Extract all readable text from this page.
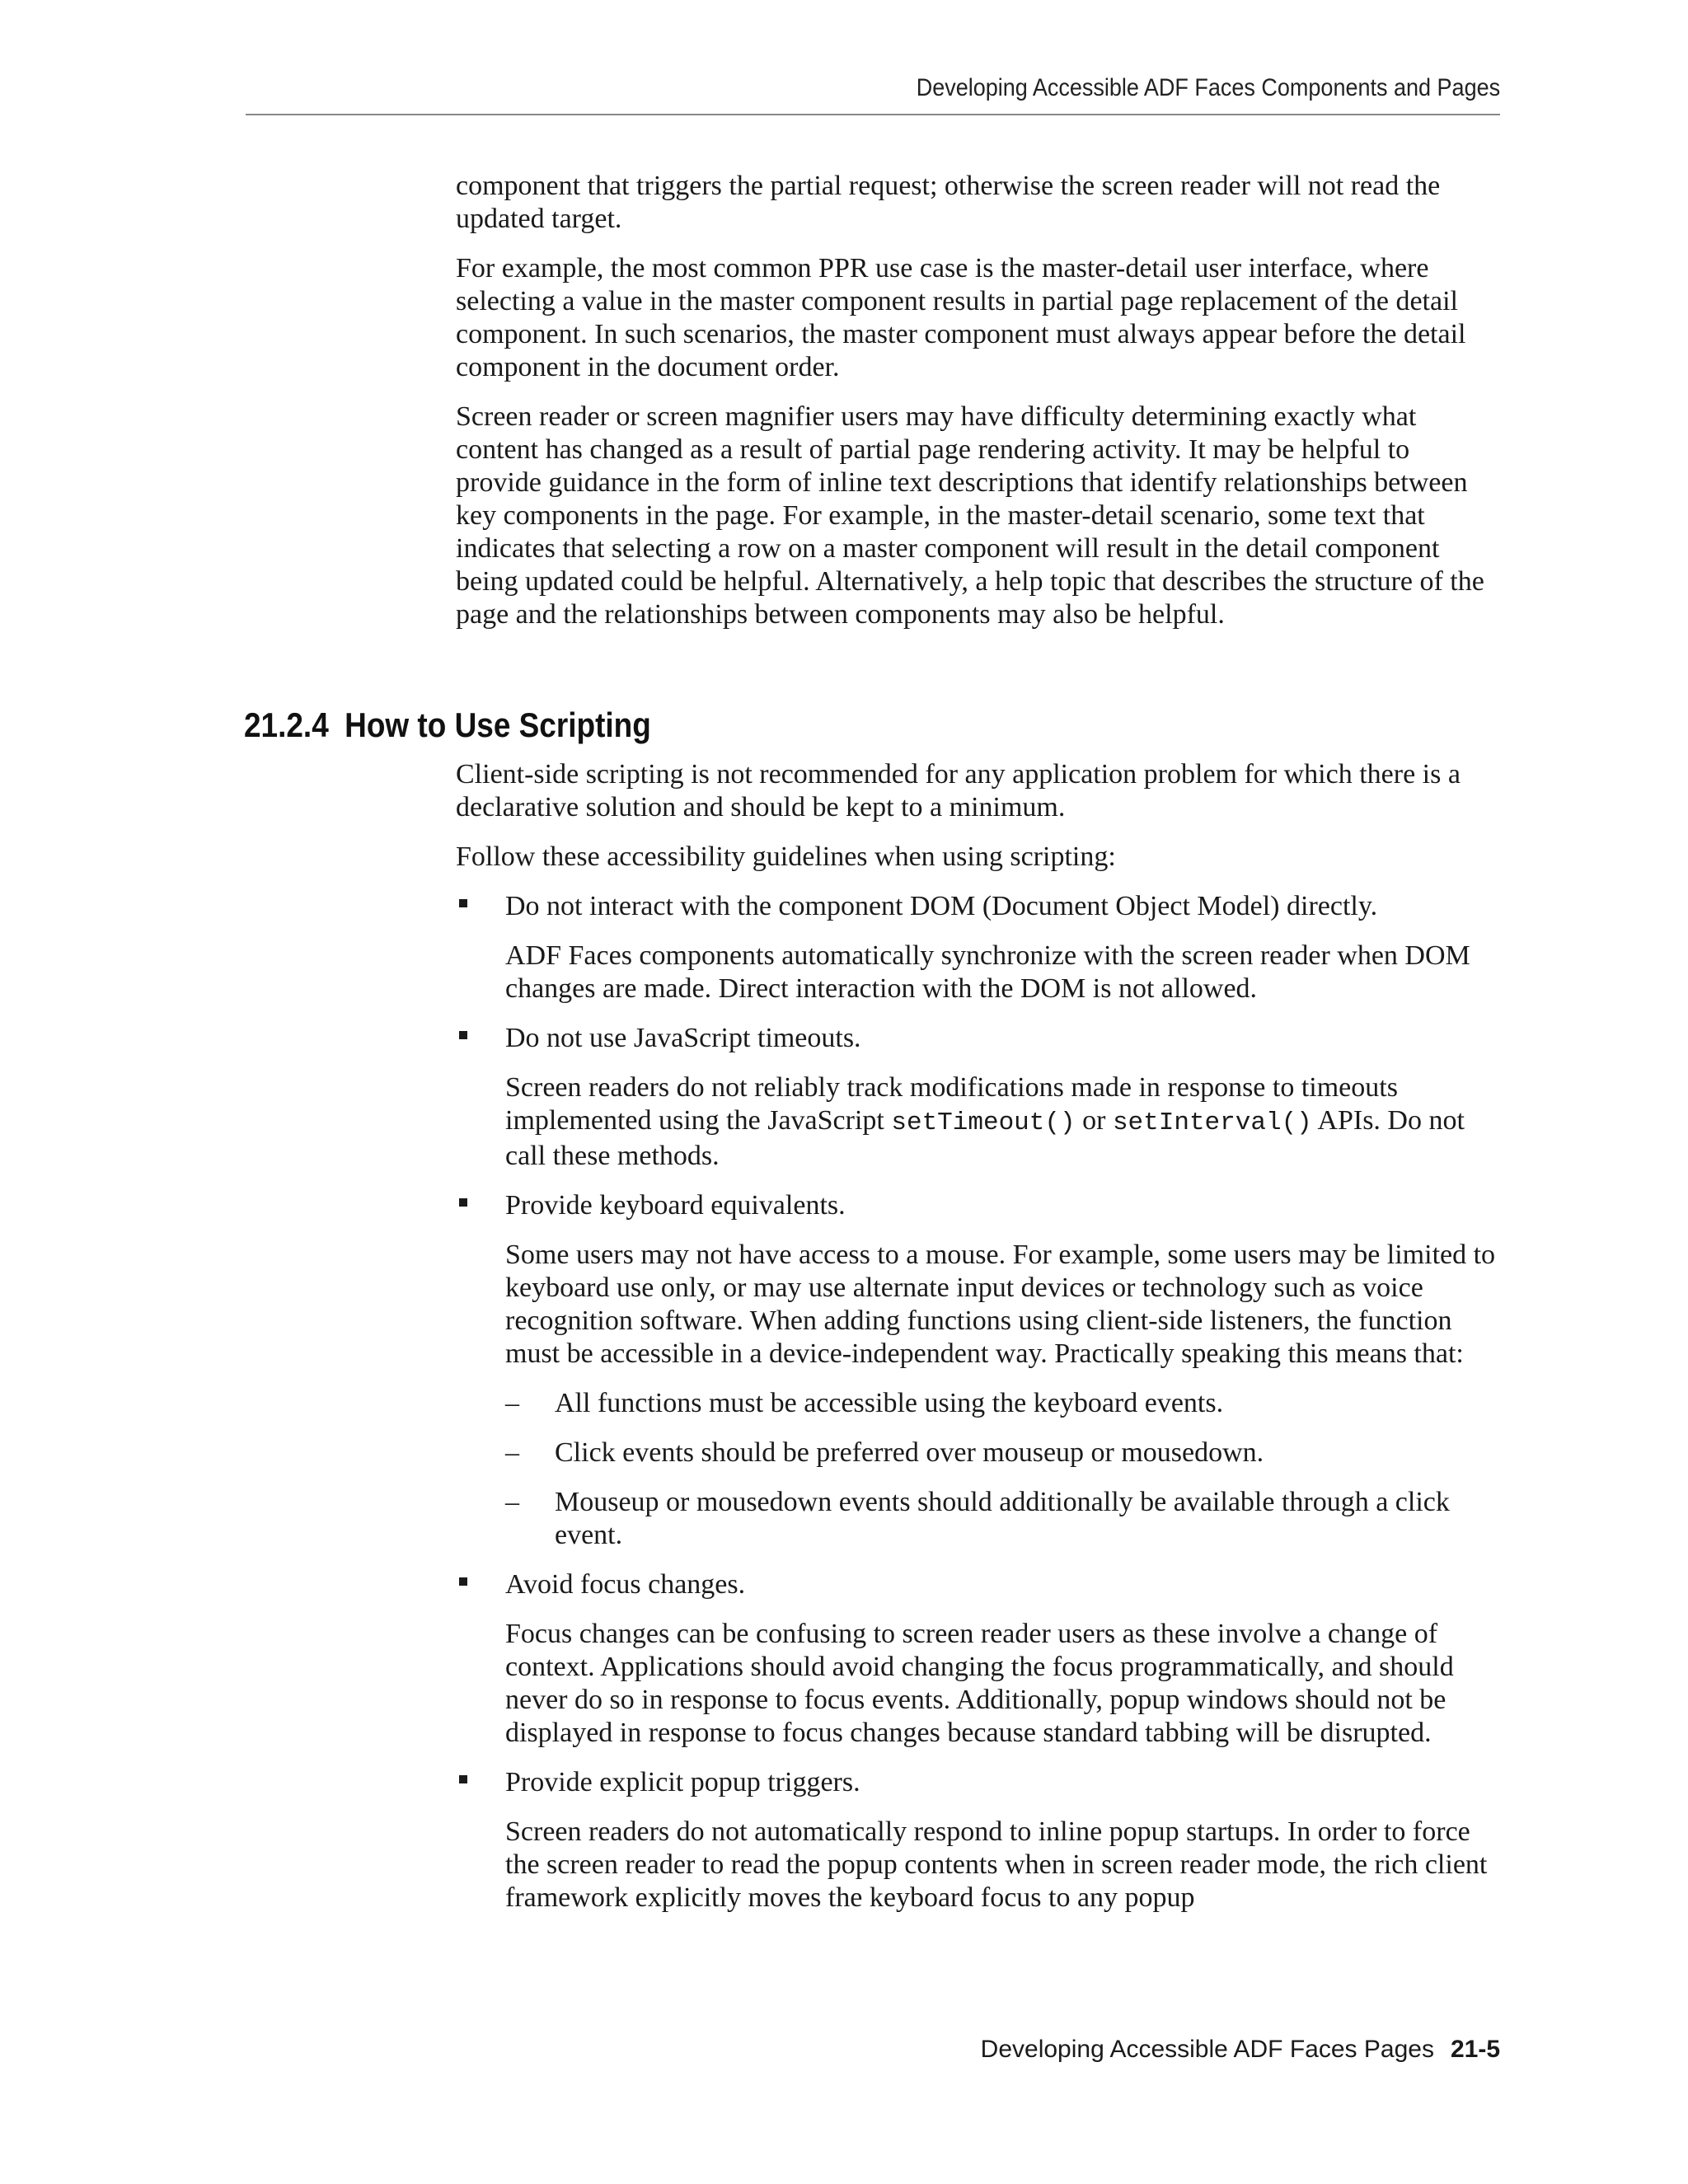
Developing Accessible ADF Faces Components and Pages

component that triggers the partial request; otherwise the screen reader will not read the updated target.

For example, the most common PPR use case is the master-detail user interface, where selecting a value in the master component results in partial page replacement of the detail component. In such scenarios, the master component must always appear before the detail component in the document order.

Screen reader or screen magnifier users may have difficulty determining exactly what content has changed as a result of partial page rendering activity. It may be helpful to provide guidance in the form of inline text descriptions that identify relationships between key components in the page. For example, in the master-detail scenario, some text that indicates that selecting a row on a master component will result in the detail component being updated could be helpful. Alternatively, a help topic that describes the structure of the page and the relationships between components may also be helpful.

21.2.4 How to Use Scripting

Client-side scripting is not recommended for any application problem for which there is a declarative solution and should be kept to a minimum.

Follow these accessibility guidelines when using scripting:

Do not interact with the component DOM (Document Object Model) directly.

ADF Faces components automatically synchronize with the screen reader when DOM changes are made. Direct interaction with the DOM is not allowed.

Do not use JavaScript timeouts.

Screen readers do not reliably track modifications made in response to timeouts implemented using the JavaScript setTimeout() or setInterval() APIs. Do not call these methods.

Provide keyboard equivalents.

Some users may not have access to a mouse. For example, some users may be limited to keyboard use only, or may use alternate input devices or technology such as voice recognition software. When adding functions using client-side listeners, the function must be accessible in a device-independent way. Practically speaking this means that:

– All functions must be accessible using the keyboard events.
– Click events should be preferred over mouseup or mousedown.
– Mouseup or mousedown events should additionally be available through a click event.

Avoid focus changes.

Focus changes can be confusing to screen reader users as these involve a change of context. Applications should avoid changing the focus programmatically, and should never do so in response to focus events. Additionally, popup windows should not be displayed in response to focus changes because standard tabbing will be disrupted.

Provide explicit popup triggers.

Screen readers do not automatically respond to inline popup startups. In order to force the screen reader to read the popup contents when in screen reader mode, the rich client framework explicitly moves the keyboard focus to any popup

Developing Accessible ADF Faces Pages 21-5
